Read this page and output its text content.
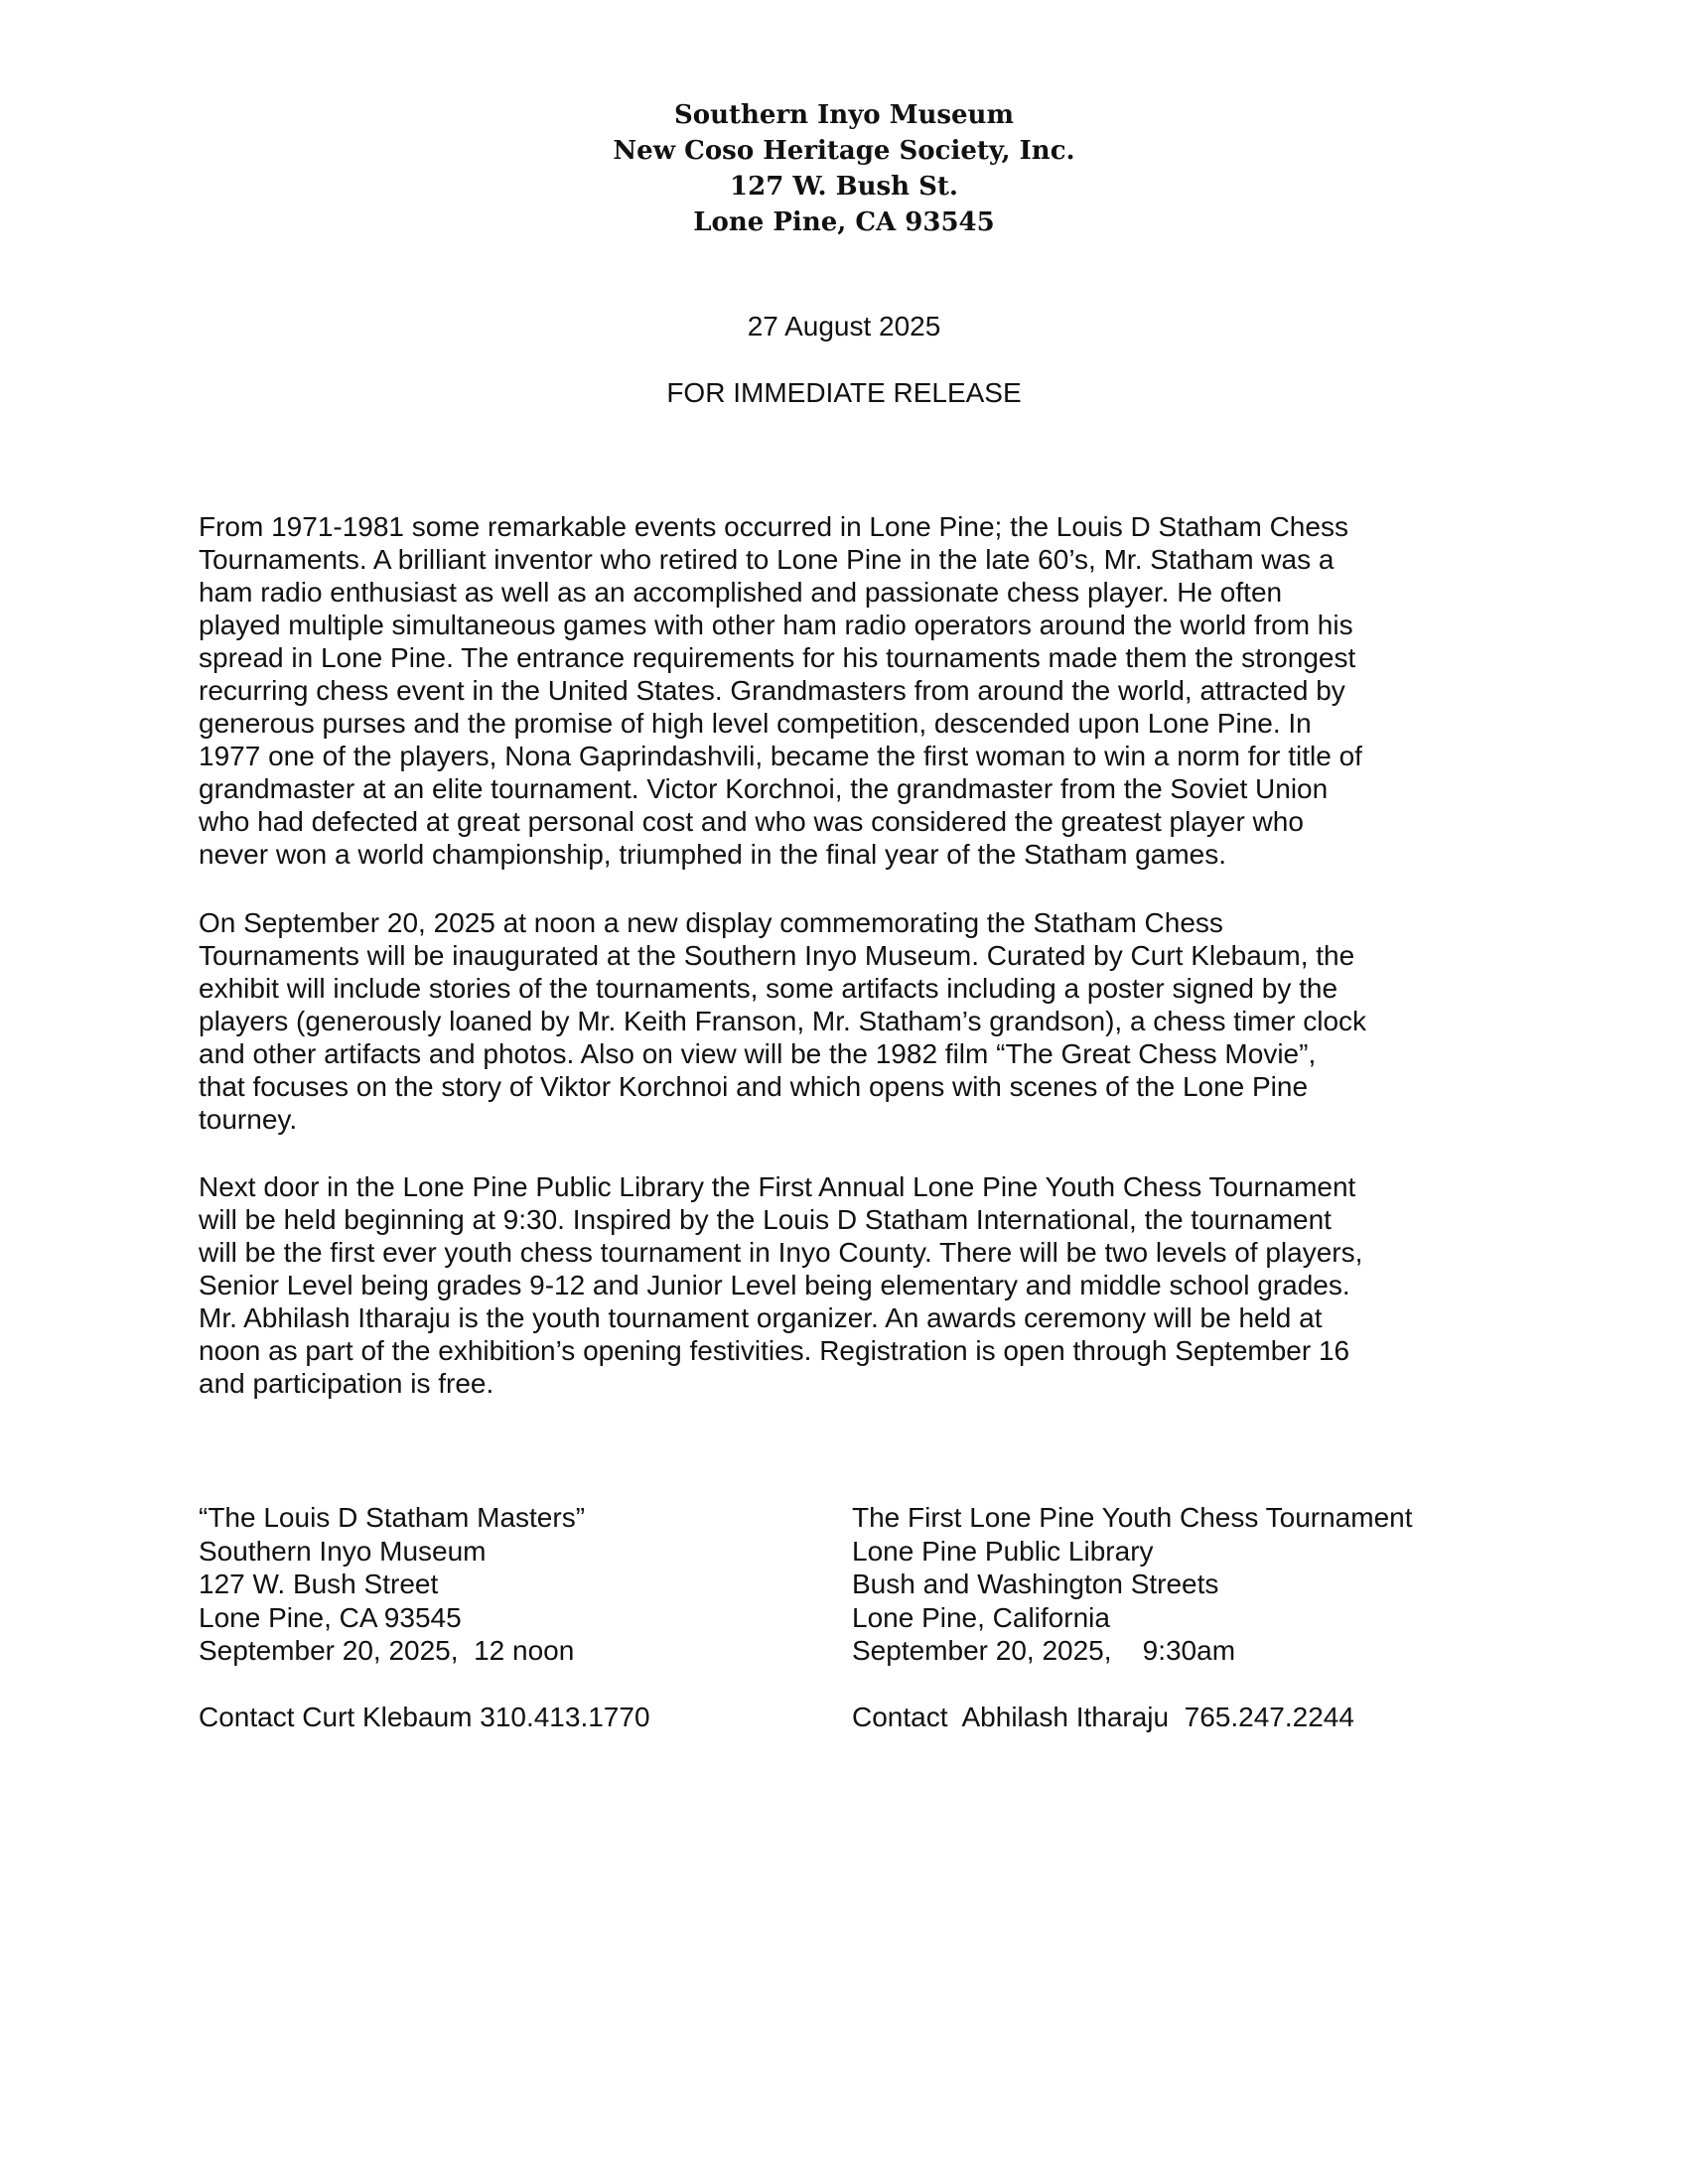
Southern Inyo Museum
New Coso Heritage Society, Inc.
127 W. Bush St.
Lone Pine, CA 93545
27 August 2025
FOR IMMEDIATE RELEASE
From 1971-1981 some remarkable events occurred in Lone Pine; the Louis D Statham Chess
Tournaments. A brilliant inventor who retired to Lone Pine in the late 60’s, Mr. Statham was a
ham radio enthusiast as well as an accomplished and passionate chess player. He often
played multiple simultaneous games with other ham radio operators around the world from his
spread in Lone Pine. The entrance requirements for his tournaments made them the strongest
recurring chess event in the United States. Grandmasters from around the world, attracted by
generous purses and the promise of high level competition, descended upon Lone Pine. In
1977 one of the players, Nona Gaprindashvili, became the first woman to win a norm for title of
grandmaster at an elite tournament. Victor Korchnoi, the grandmaster from the Soviet Union
who had defected at great personal cost and who was considered the greatest player who
never won a world championship, triumphed in the final year of the Statham games.
On September 20, 2025 at noon a new display commemorating the Statham Chess
Tournaments will be inaugurated at the Southern Inyo Museum. Curated by Curt Klebaum, the
exhibit will include stories of the tournaments, some artifacts including a poster signed by the
players (generously loaned by Mr. Keith Franson, Mr. Statham’s grandson), a chess timer clock
and other artifacts and photos. Also on view will be the 1982 film “The Great Chess Movie”,
that focuses on the story of Viktor Korchnoi and which opens with scenes of the Lone Pine
tourney.
Next door in the Lone Pine Public Library the First Annual Lone Pine Youth Chess Tournament
will be held beginning at 9:30. Inspired by the Louis D Statham International, the tournament
will be the first ever youth chess tournament in Inyo County. There will be two levels of players,
Senior Level being grades 9-12 and Junior Level being elementary and middle school grades.
Mr. Abhilash Itharaju is the youth tournament organizer. An awards ceremony will be held at
noon as part of the exhibition’s opening festivities. Registration is open through September 16
and participation is free.
“The Louis D Statham Masters”
Southern Inyo Museum
127 W. Bush Street
Lone Pine, CA 93545
September 20, 2025,  12 noon
Contact Curt Klebaum 310.413.1770
The First Lone Pine Youth Chess Tournament
Lone Pine Public Library
Bush and Washington Streets
Lone Pine, California
September 20, 2025,    9:30am
Contact  Abhilash Itharaju  765.247.2244
